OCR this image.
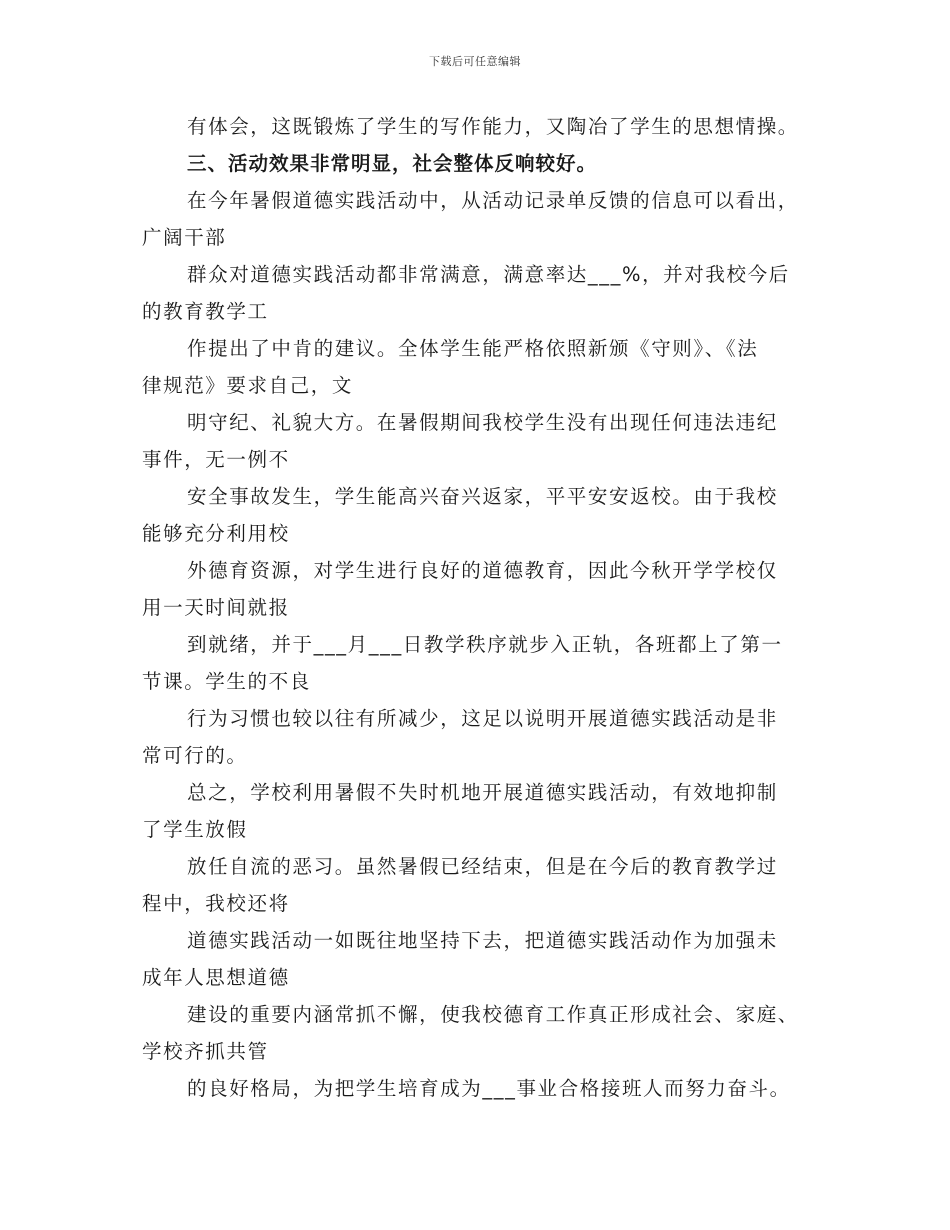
下载后可任意编辑
有体会，这既锻炼了学生的写作能力，又陶冶了学生的思想情操。
三、活动效果非常明显，社会整体反响较好。
在今年暑假道德实践活动中，从活动记录单反馈的信息可以看出，
广阔干部
群众对道德实践活动都非常满意，满意率达___%，并对我校今后
的教育教学工
作提出了中肯的建议。全体学生能严格依照新颁《守则》、《法
律规范》要求自己，文
明守纪、礼貌大方。在暑假期间我校学生没有出现任何违法违纪
事件，无一例不
安全事故发生，学生能高兴奋兴返家，平平安安返校。由于我校
能够充分利用校
外德育资源，对学生进行良好的道德教育，因此今秋开学学校仅
用一天时间就报
到就绪，并于___月___日教学秩序就步入正轨，各班都上了第一
节课。学生的不良
行为习惯也较以往有所减少，这足以说明开展道德实践活动是非
常可行的。
总之，学校利用暑假不失时机地开展道德实践活动，有效地抑制
了学生放假
放任自流的恶习。虽然暑假已经结束，但是在今后的教育教学过
程中，我校还将
道德实践活动一如既往地坚持下去，把道德实践活动作为加强未
成年人思想道德
建设的重要内涵常抓不懈，使我校德育工作真正形成社会、家庭、
学校齐抓共管
的良好格局，为把学生培育成为___事业合格接班人而努力奋斗。
